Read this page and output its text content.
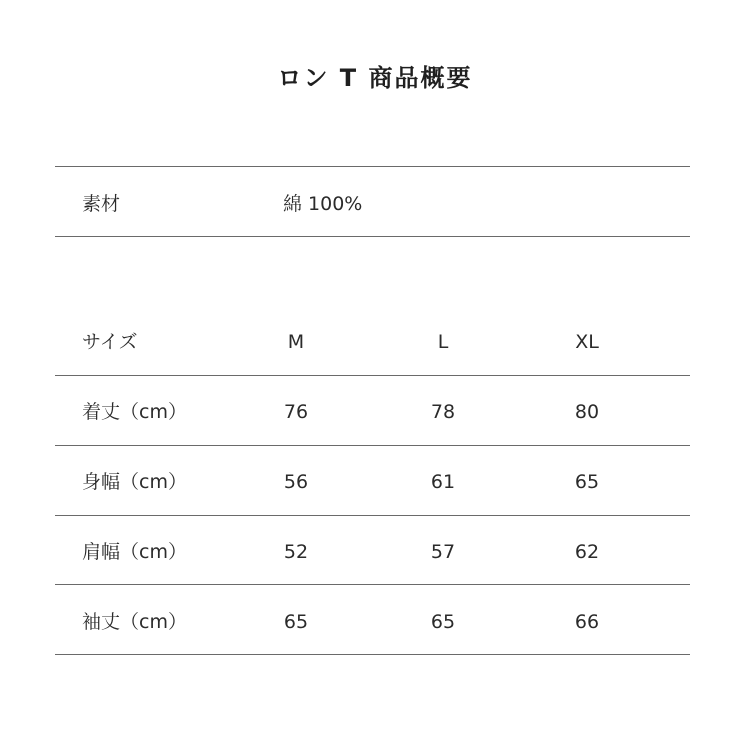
ロン T 商品概要
素材	綿 100%
サイズ	M	L	XL
着丈（cm）	76	78	80
身幅（cm）	56	61	65
肩幅（cm）	52	57	62
袖丈（cm）	65	65	66
